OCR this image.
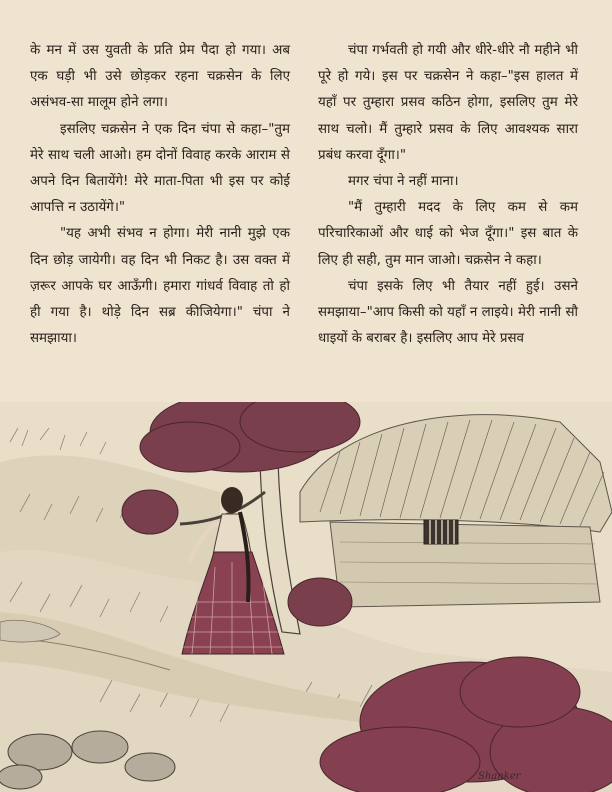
के मन में उस युवती के प्रति प्रेम पैदा हो गया। अब एक घड़ी भी उसे छोड़कर रहना चक्रसेन के लिए असंभव-सा मालूम होने लगा।

इसलिए चक्रसेन ने एक दिन चंपा से कहा–"तुम मेरे साथ चली आओ। हम दोनों विवाह करके आराम से अपने दिन बितायेंगे! मेरे माता-पिता भी इस पर कोई आपत्ति न उठायेंगे।"

"यह अभी संभव न होगा। मेरी नानी मुझे एक दिन छोड़ जायेगी। वह दिन भी निकट है। उस वक्त में ज़रूर आपके घर आऊँगी। हमारा गांधर्व विवाह तो हो ही गया है। थोड़े दिन सब्र कीजियेगा।" चंपा ने समझाया।

चंपा गर्भवती हो गयी और धीरे-धीरे नौ महीने भी पूरे हो गये। इस पर चक्रसेन ने कहा–"इस हालत में यहाँ पर तुम्हारा प्रसव कठिन होगा, इसलिए तुम मेरे साथ चलो। मैं तुम्हारे प्रसव के लिए आवश्यक सारा प्रबंध करवा दूँगा।"

मगर चंपा ने नहीं माना।

"मैं तुम्हारी मदद के लिए कम से कम परिचारिकाओं और धाई को भेज दूँगा।" इस बात के लिए ही सही, तुम मान जाओ। चक्रसेन ने कहा।

चंपा इसके लिए भी तैयार नहीं हुई। उसने समझाया–"आप किसी को यहाँ न लाइये। मेरी नानी सौ धाइयों के बराबर है। इसलिए आप मेरे प्रसव

Shanker
